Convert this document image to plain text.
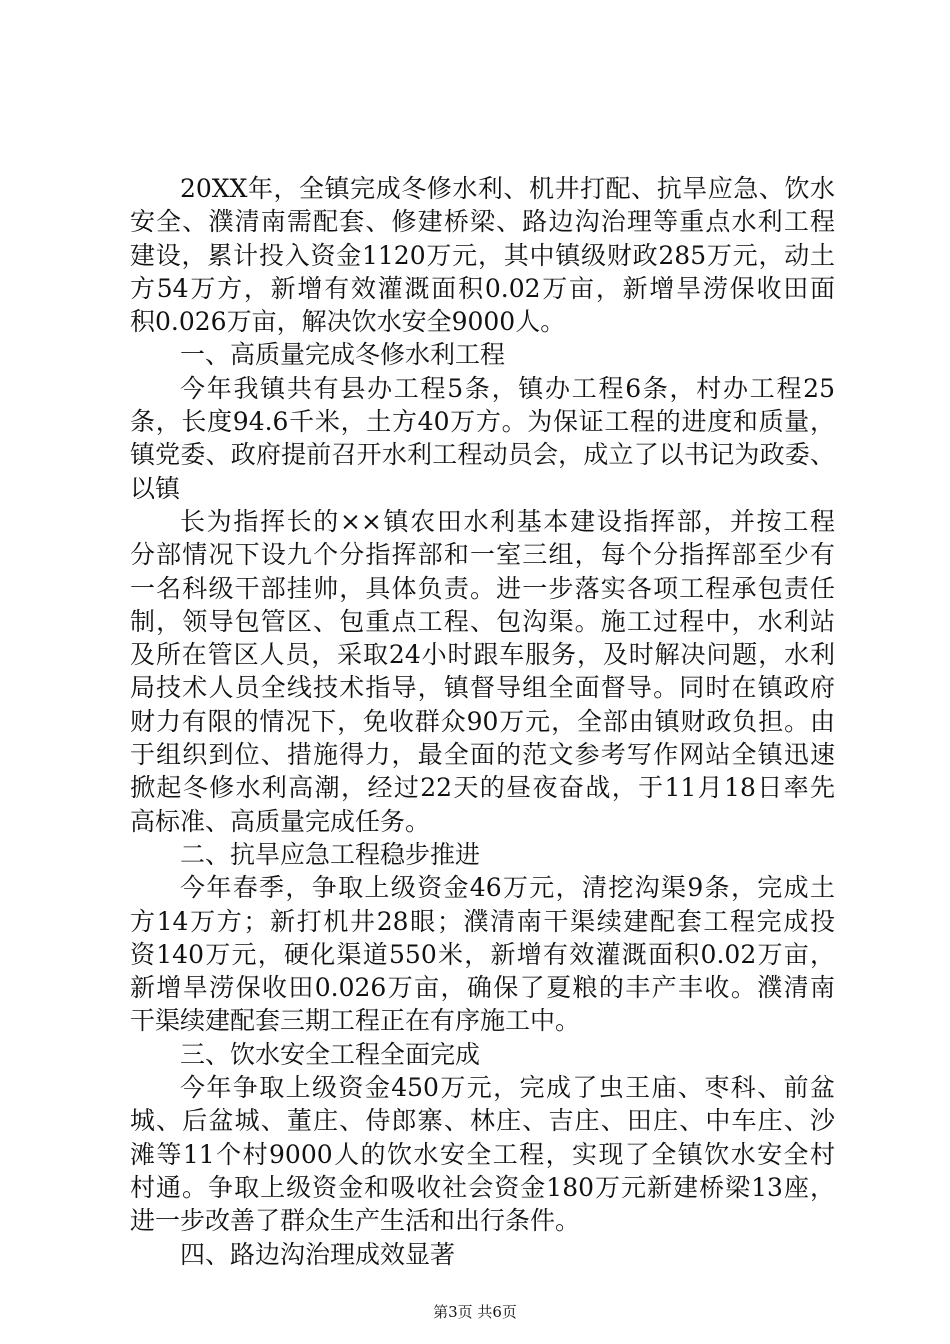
20XX年，全镇完成冬修水利、机井打配、抗旱应急、饮水
安全、濮清南需配套、修建桥梁、路边沟治理等重点水利工程
建设，累计投入资金1120万元，其中镇级财政285万元，动土
方54万方，新增有效灌溉面积0.02万亩，新增旱涝保收田面
积0.026万亩，解决饮水安全9000人。
一、高质量完成冬修水利工程
今年我镇共有县办工程5条，镇办工程6条，村办工程25
条，长度94.6千米，土方40万方。为保证工程的进度和质量，
镇党委、政府提前召开水利工程动员会，成立了以书记为政委、
以镇
长为指挥长的××镇农田水利基本建设指挥部，并按工程
分部情况下设九个分指挥部和一室三组，每个分指挥部至少有
一名科级干部挂帅，具体负责。进一步落实各项工程承包责任
制，领导包管区、包重点工程、包沟渠。施工过程中，水利站
及所在管区人员，采取24小时跟车服务，及时解决问题，水利
局技术人员全线技术指导，镇督导组全面督导。同时在镇政府
财力有限的情况下，免收群众90万元，全部由镇财政负担。由
于组织到位、措施得力，最全面的范文参考写作网站全镇迅速
掀起冬修水利高潮，经过22天的昼夜奋战，于11月18日率先
高标准、高质量完成任务。
二、抗旱应急工程稳步推进
今年春季，争取上级资金46万元，清挖沟渠9条，完成土
方14万方；新打机井28眼；濮清南干渠续建配套工程完成投
资140万元，硬化渠道550米，新增有效灌溉面积0.02万亩，
新增旱涝保收田0.026万亩，确保了夏粮的丰产丰收。濮清南
干渠续建配套三期工程正在有序施工中。
三、饮水安全工程全面完成
今年争取上级资金450万元，完成了虫王庙、枣科、前盆
城、后盆城、董庄、侍郎寨、林庄、吉庄、田庄、中车庄、沙
滩等11个村9000人的饮水安全工程，实现了全镇饮水安全村
村通。争取上级资金和吸收社会资金180万元新建桥梁13座，
进一步改善了群众生产生活和出行条件。
四、路边沟治理成效显著
第3页 共6页
